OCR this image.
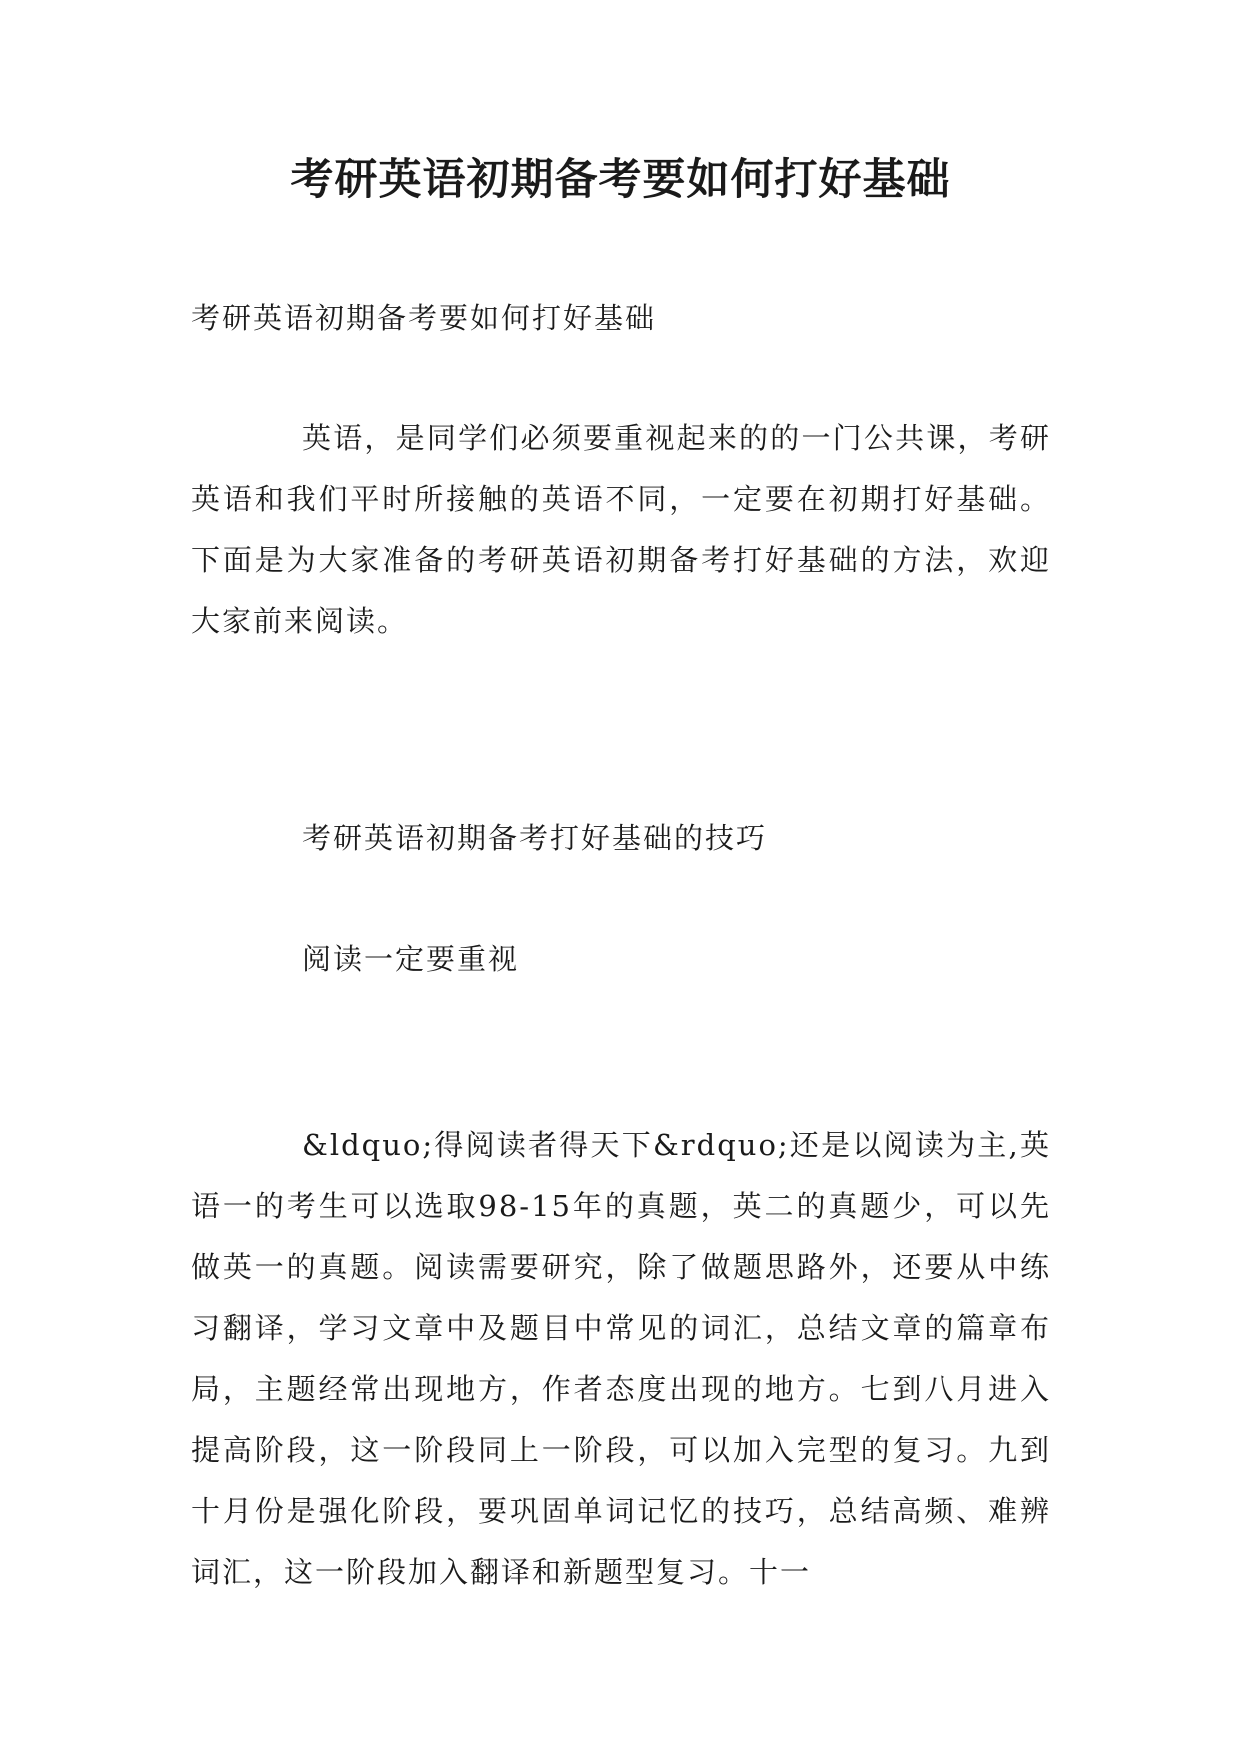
考研英语初期备考要如何打好基础

考研英语初期备考要如何打好基础

英语，是同学们必须要重视起来的的一门公共课，考研英语和我们平时所接触的英语不同，一定要在初期打好基础。下面是为大家准备的考研英语初期备考打好基础的方法，欢迎大家前来阅读。

考研英语初期备考打好基础的技巧

阅读一定要重视

&ldquo;得阅读者得天下&rdquo;还是以阅读为主,英语一的考生可以选取98-15年的真题，英二的真题少，可以先做英一的真题。阅读需要研究，除了做题思路外，还要从中练习翻译，学习文章中及题目中常见的词汇，总结文章的篇章布局，主题经常出现地方，作者态度出现的地方。七到八月进入提高阶段，这一阶段同上一阶段，可以加入完型的复习。九到十月份是强化阶段，要巩固单词记忆的技巧，总结高频、难辨词汇，这一阶段加入翻译和新题型复习。十一
